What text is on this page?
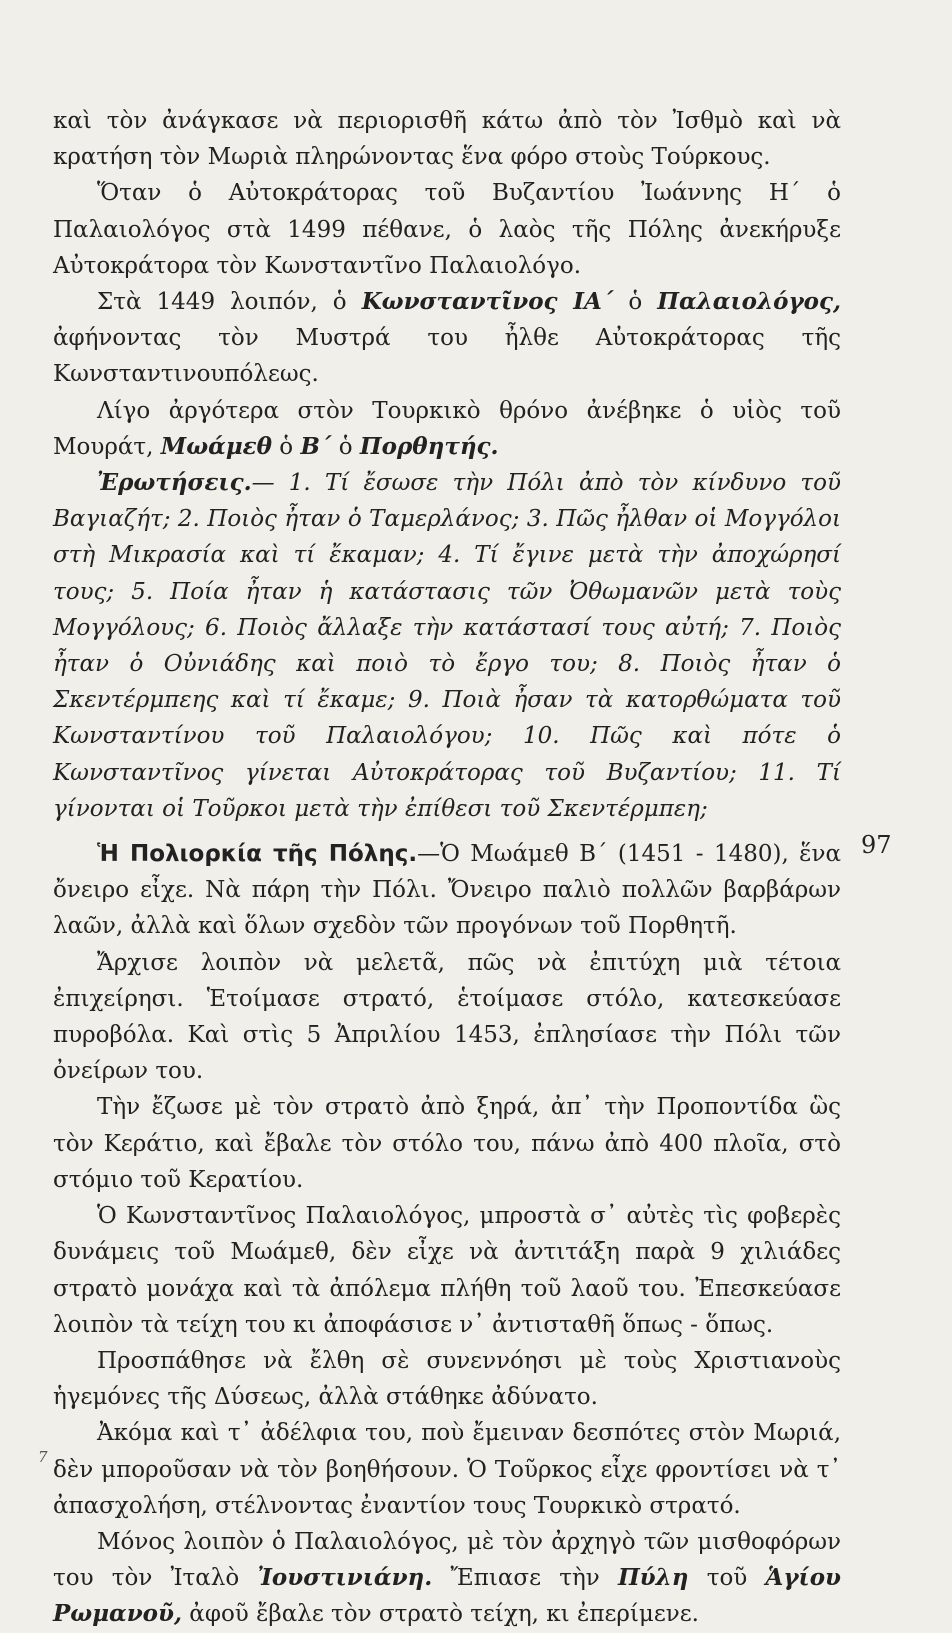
καὶ τὸν ἀνάγκασε νὰ περιορισθῆ κάτω ἀπὸ τὸν Ἰσθμὸ καὶ νὰ κρατήση τὸν Μωριὰ πληρώνοντας ἕνα φόρο στοὺς Τούρκους.

Ὅταν ὁ Αὐτοκράτορας τοῦ Βυζαντίου Ἰωάννης Η΄ ὁ Παλαιολόγος στὰ 1499 πέθανε, ὁ λαὸς τῆς Πόλης ἀνεκήρυξε Αὐτοκράτορα τὸν Κωνσταντῖνο Παλαιολόγο.

Στὰ 1449 λοιπόν, ὁ Κωνσταντῖνος ΙΑ΄ ὁ Παλαιολόγος, ἀφήνοντας τὸν Μυστρά του ἦλθε Αὐτοκράτορας τῆς Κωνσταντινουπόλεως.

Λίγο ἀργότερα στὸν Τουρκικὸ θρόνο ἀνέβηκε ὁ υἱὸς τοῦ Μουράτ, Μωάμεθ ὁ Β΄ ὁ Πορθητής.

Ἐρωτήσεις.— 1. Τί ἔσωσε τὴν Πόλι ἀπὸ τὸν κίνδυνο τοῦ Βαγιαζήτ; 2. Ποιὸς ἦταν ὁ Ταμερλάνος; 3. Πῶς ἦλθαν οἱ Μογγόλοι στὴ Μικρασία καὶ τί ἔκαμαν; 4. Τί ἔγινε μετὰ τὴν ἀποχώρησί τους; 5. Ποία ἦταν ἡ κατάστασις τῶν Ὀθωμανῶν μετὰ τοὺς Μογγόλους; 6. Ποιὸς ἄλλαξε τὴν κατάστασί τους αὐτή; 7. Ποιὸς ἦταν ὁ Οὐνιάδης καὶ ποιὸ τὸ ἔργο του; 8. Ποιὸς ἦταν ὁ Σκεντέρμπεης καὶ τί ἔκαμε; 9. Ποιὰ ἦσαν τὰ κατορθώματα τοῦ Κωνσταντίνου τοῦ Παλαιολόγου; 10. Πῶς καὶ πότε ὁ Κωνσταντῖνος γίνεται Αὐτοκράτορας τοῦ Βυζαντίου; 11. Τί γίνονται οἱ Τοῦρκοι μετὰ τὴν ἐπίθεσι τοῦ Σκεντέρμπεη;

Ἡ Πολιορκία τῆς Πόλης.—Ὁ Μωάμεθ Β΄ (1451 - 1480), ἕνα ὄνειρο εἶχε. Νὰ πάρη τὴν Πόλι. Ὄνειρο παλιὸ πολλῶν βαρβάρων λαῶν, ἀλλὰ καὶ ὅλων σχεδὸν τῶν προγόνων τοῦ Πορθητῆ.

Ἄρχισε λοιπὸν νὰ μελετᾶ, πῶς νὰ ἐπιτύχη μιὰ τέτοια ἐπιχείρησι. Ἑτοίμασε στρατό, ἑτοίμασε στόλο, κατεσκεύασε πυροβόλα. Καὶ στὶς 5 Ἀπριλίου 1453, ἐπλησίασε τὴν Πόλι τῶν ὀνείρων του.

Τὴν ἔζωσε μὲ τὸν στρατὸ ἀπὸ ξηρά, ἀπ᾿ τὴν Προποντίδα ὣς τὸν Κεράτιο, καὶ ἔβαλε τὸν στόλο του, πάνω ἀπὸ 400 πλοῖα, στὸ στόμιο τοῦ Κερατίου.

Ὁ Κωνσταντῖνος Παλαιολόγος, μπροστὰ σ᾿ αὐτὲς τὶς φοβερὲς δυνάμεις τοῦ Μωάμεθ, δὲν εἶχε νὰ ἀντιτάξη παρὰ 9 χιλιάδες στρατὸ μονάχα καὶ τὰ ἀπόλεμα πλήθη τοῦ λαοῦ του. Ἐπεσκεύασε λοιπὸν τὰ τείχη του κι ἀποφάσισε ν᾿ ἀντισταθῆ ὅπως - ὅπως.

Προσπάθησε νὰ ἔλθη σὲ συνεννόησι μὲ τοὺς Χριστιανοὺς ἡγεμόνες τῆς Δύσεως, ἀλλὰ στάθηκε ἀδύνατο.

Ἀκόμα καὶ τ᾿ ἀδέλφια του, ποὺ ἔμειναν δεσπότες στὸν Μωριά, δὲν μποροῦσαν νὰ τὸν βοηθήσουν. Ὁ Τοῦρκος εἶχε φροντίσει νὰ τ᾿ ἀπασχολήση, στέλνοντας ἐναντίον τους Τουρκικὸ στρατό.

Μόνος λοιπὸν ὁ Παλαιολόγος, μὲ τὸν ἀρχηγὸ τῶν μισθοφόρων του τὸν Ἰταλὸ Ἰουστινιάνη. Ἔπιασε τὴν Πύλη τοῦ Ἁγίου Ρωμανοῦ, ἀφοῦ ἔβαλε τὸν στρατὸ τείχη, κι ἐπερίμενε.

97
7
